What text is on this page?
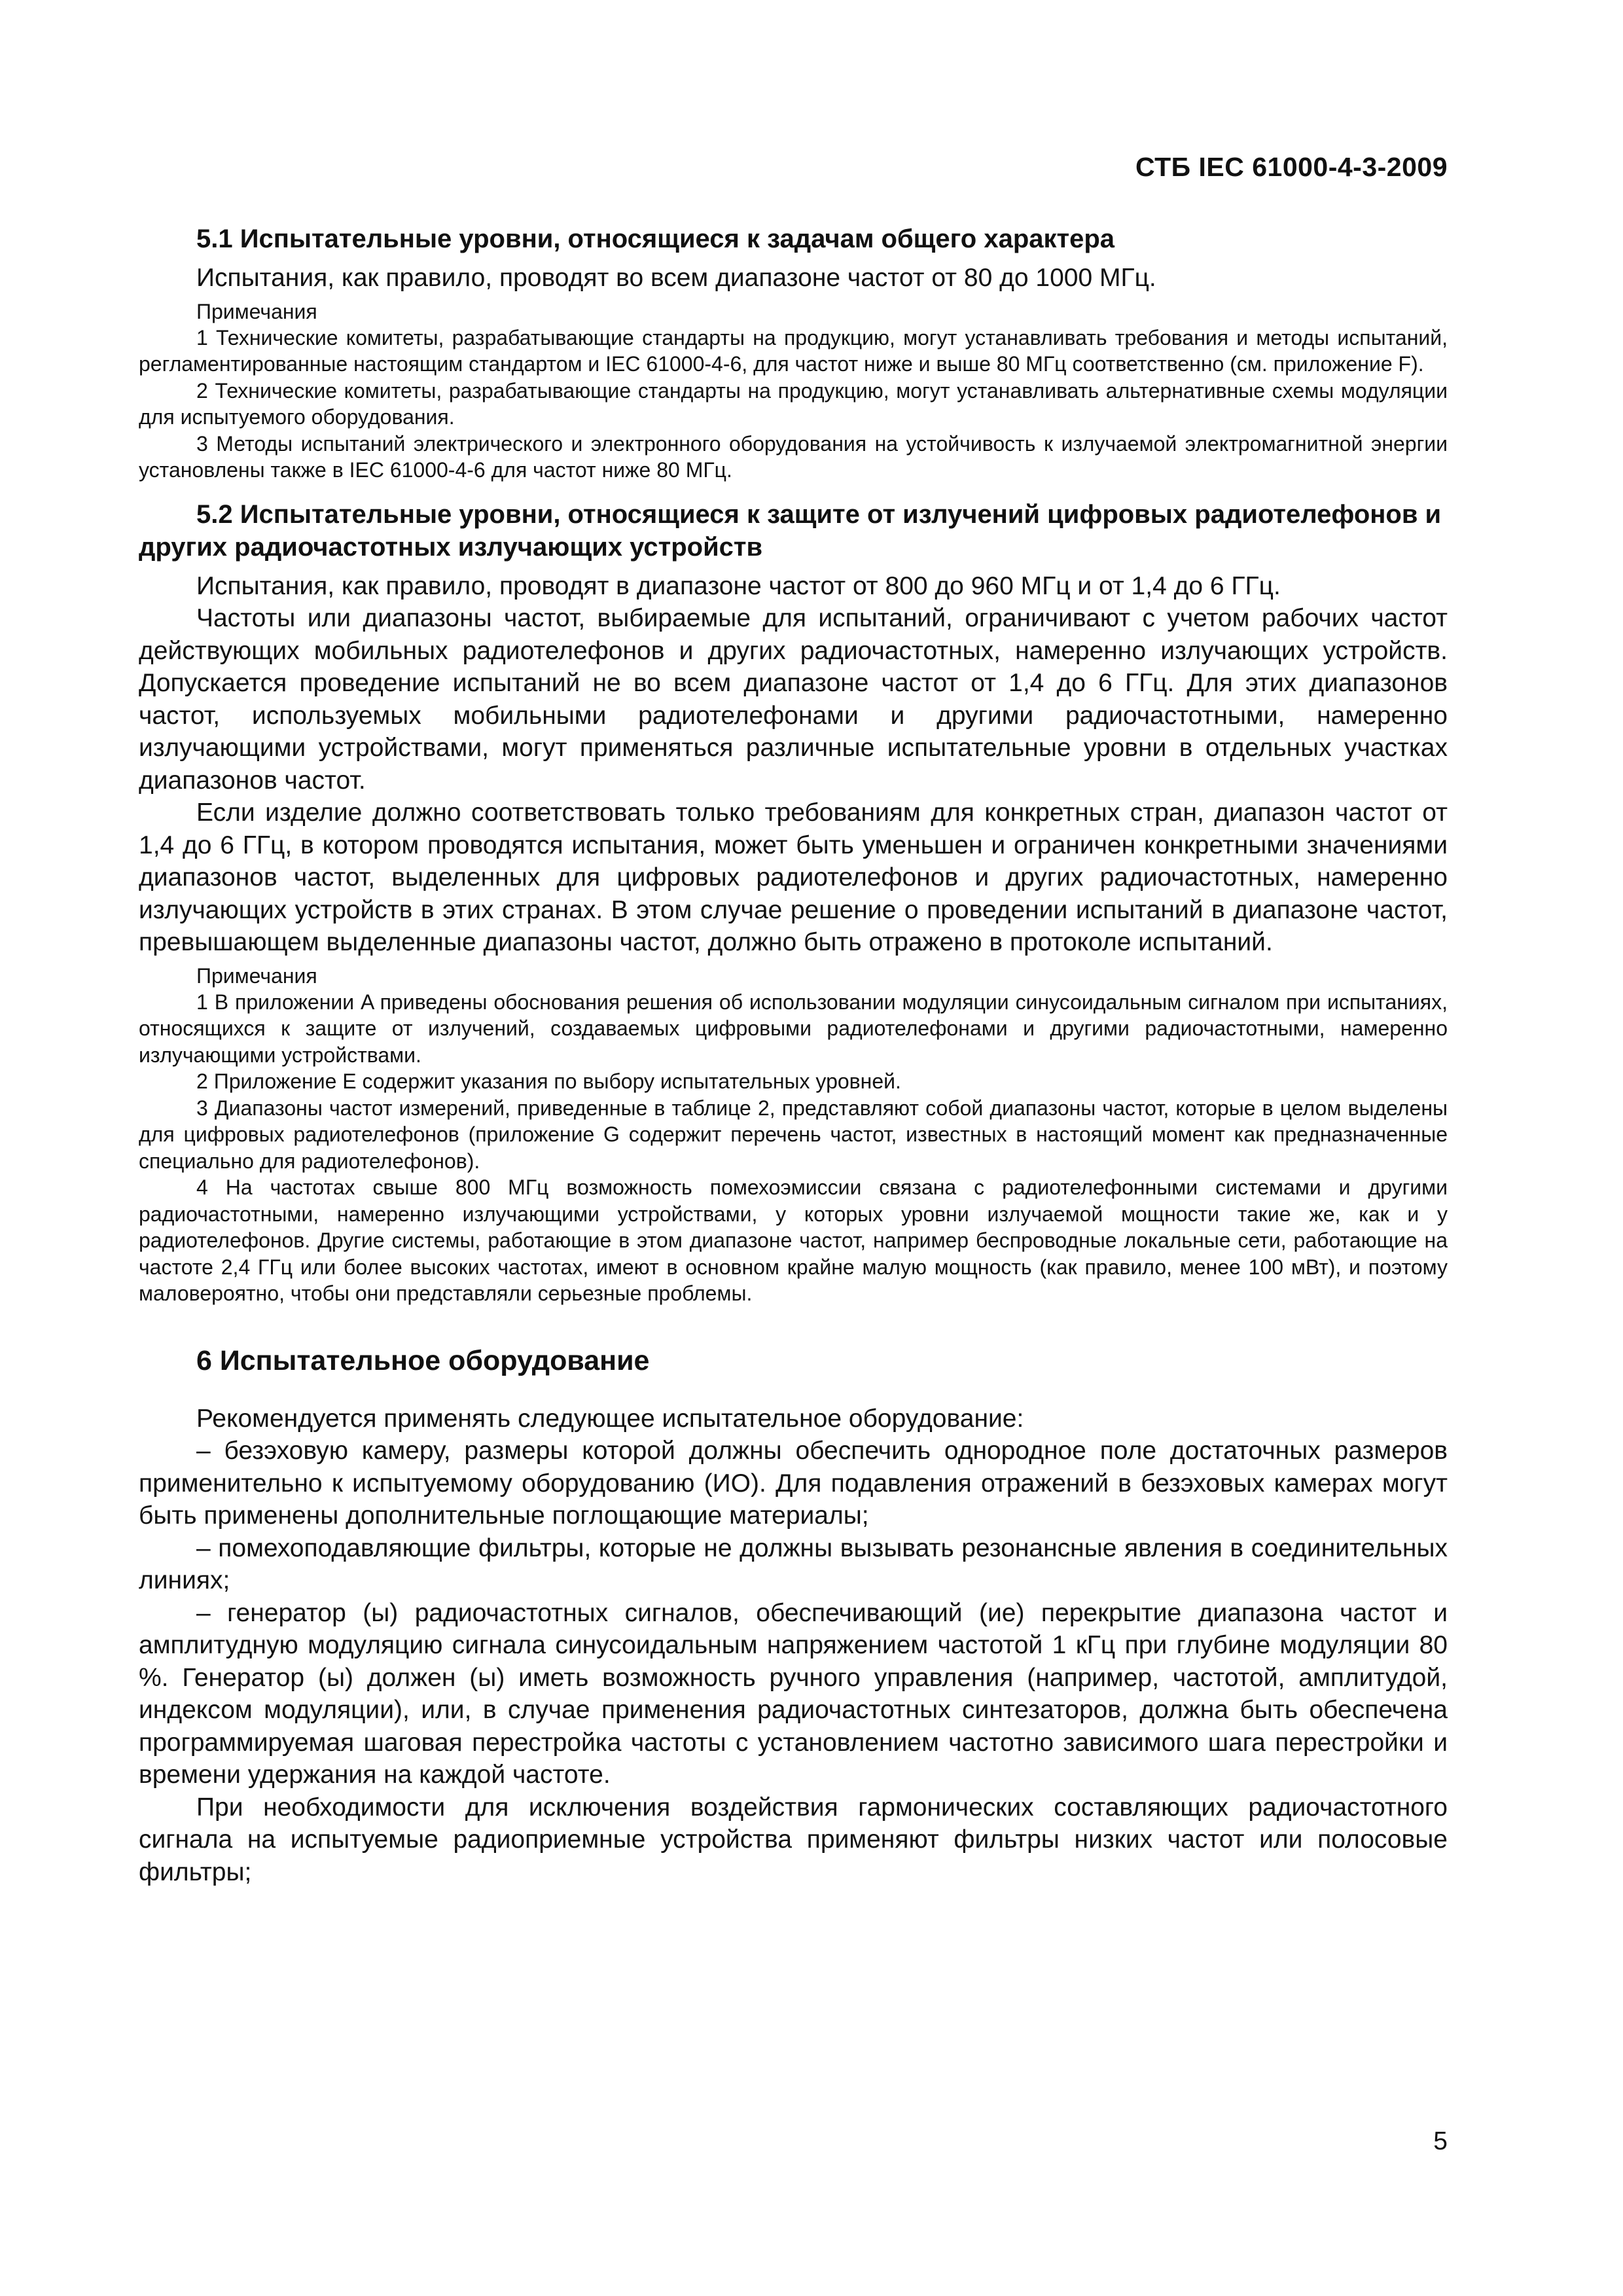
СТБ IEC 61000-4-3-2009

5.1 Испытательные уровни, относящиеся к задачам общего характера

Испытания, как правило, проводят во всем диапазоне частот от 80 до 1000 МГц.

Примечания

1 Технические комитеты, разрабатывающие стандарты на продукцию, могут устанавливать требования и методы испытаний, регламентированные настоящим стандартом и IEC 61000-4-6, для частот ниже и выше 80 МГц соответственно (см. приложение F).

2 Технические комитеты, разрабатывающие стандарты на продукцию, могут устанавливать альтернативные схемы модуляции для испытуемого оборудования.

3 Методы испытаний электрического и электронного оборудования на устойчивость к излучаемой электромагнитной энергии установлены также в IEC 61000-4-6 для частот ниже 80 МГц.

5.2 Испытательные уровни, относящиеся к защите от излучений цифровых радиотелефонов и других радиочастотных излучающих устройств

Испытания, как правило, проводят в диапазоне частот от 800 до 960 МГц и от 1,4 до 6 ГГц.

Частоты или диапазоны частот, выбираемые для испытаний, ограничивают с учетом рабочих частот действующих мобильных радиотелефонов и других радиочастотных, намеренно излучающих устройств. Допускается проведение испытаний не во всем диапазоне частот от 1,4 до 6 ГГц. Для этих диапазонов частот, используемых мобильными радиотелефонами и другими радиочастотными, намеренно излучающими устройствами, могут применяться различные испытательные уровни в отдельных участках диапазонов частот.

Если изделие должно соответствовать только требованиям для конкретных стран, диапазон частот от 1,4 до 6 ГГц, в котором проводятся испытания, может быть уменьшен и ограничен конкретными значениями диапазонов частот, выделенных для цифровых радиотелефонов и других радиочастотных, намеренно излучающих устройств в этих странах. В этом случае решение о проведении испытаний в диапазоне частот, превышающем выделенные диапазоны частот, должно быть отражено в протоколе испытаний.

Примечания

1 В приложении A приведены обоснования решения об использовании модуляции синусоидальным сигналом при испытаниях, относящихся к защите от излучений, создаваемых цифровыми радиотелефонами и другими радиочастотными, намеренно излучающими устройствами.

2 Приложение E содержит указания по выбору испытательных уровней.

3 Диапазоны частот измерений, приведенные в таблице 2, представляют собой диапазоны частот, которые в целом выделены для цифровых радиотелефонов (приложение G содержит перечень частот, известных в настоящий момент как предназначенные специально для радиотелефонов).

4 На частотах свыше 800 МГц возможность помехоэмиссии связана с радиотелефонными системами и другими радиочастотными, намеренно излучающими устройствами, у которых уровни излучаемой мощности такие же, как и у радиотелефонов. Другие системы, работающие в этом диапазоне частот, например беспроводные локальные сети, работающие на частоте 2,4 ГГц или более высоких частотах, имеют в основном крайне малую мощность (как правило, менее 100 мВт), и поэтому маловероятно, чтобы они представляли серьезные проблемы.

6 Испытательное оборудование

Рекомендуется применять следующее испытательное оборудование:

– безэховую камеру, размеры которой должны обеспечить однородное поле достаточных размеров применительно к испытуемому оборудованию (ИО). Для подавления отражений в безэховых камерах могут быть применены дополнительные поглощающие материалы;

– помехоподавляющие фильтры, которые не должны вызывать резонансные явления в соединительных линиях;

– генератор (ы) радиочастотных сигналов, обеспечивающий (ие) перекрытие диапазона частот и амплитудную модуляцию сигнала синусоидальным напряжением частотой 1 кГц при глубине модуляции 80 %. Генератор (ы) должен (ы) иметь возможность ручного управления (например, частотой, амплитудой, индексом модуляции), или, в случае применения радиочастотных синтезаторов, должна быть обеспечена программируемая шаговая перестройка частоты с установлением частотно зависимого шага перестройки и времени удержания на каждой частоте.

При необходимости для исключения воздействия гармонических составляющих радиочастотного сигнала на испытуемые радиоприемные устройства применяют фильтры низких частот или полосовые фильтры;

5
